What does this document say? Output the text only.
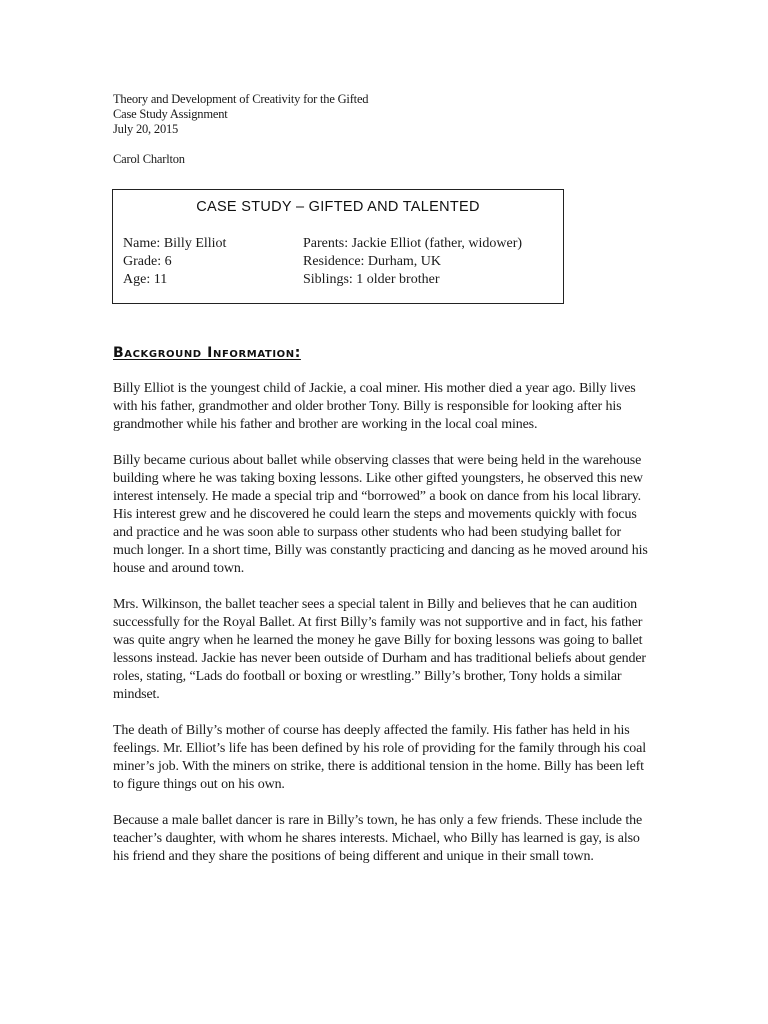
Theory and Development of Creativity for the Gifted
Case Study Assignment
July 20, 2015
Carol Charlton
CASE STUDY – GIFTED AND TALENTED
Name: Billy Elliot
Grade: 6
Age: 11
Parents: Jackie Elliot (father, widower)
Residence: Durham, UK
Siblings: 1 older brother
Background Information:

Billy Elliot is the youngest child of Jackie, a coal miner. His mother died a year ago. Billy lives with his father, grandmother and older brother Tony. Billy is responsible for looking after his grandmother while his father and brother are working in the local coal mines.

Billy became curious about ballet while observing classes that were being held in the warehouse building where he was taking boxing lessons. Like other gifted youngsters, he observed this new interest intensely. He made a special trip and “borrowed” a book on dance from his local library. His interest grew and he discovered he could learn the steps and movements quickly with focus and practice and he was soon able to surpass other students who had been studying ballet for much longer. In a short time, Billy was constantly practicing and dancing as he moved around his house and around town.

Mrs. Wilkinson, the ballet teacher sees a special talent in Billy and believes that he can audition successfully for the Royal Ballet. At first Billy’s family was not supportive and in fact, his father was quite angry when he learned the money he gave Billy for boxing lessons was going to ballet lessons instead. Jackie has never been outside of Durham and has traditional beliefs about gender roles, stating, “Lads do football or boxing or wrestling.” Billy’s brother, Tony holds a similar mindset.

The death of Billy’s mother of course has deeply affected the family. His father has held in his feelings. Mr. Elliot’s life has been defined by his role of providing for the family through his coal miner’s job. With the miners on strike, there is additional tension in the home. Billy has been left to figure things out on his own.

Because a male ballet dancer is rare in Billy’s town, he has only a few friends. These include the teacher’s daughter, with whom he shares interests. Michael, who Billy has learned is gay, is also his friend and they share the positions of being different and unique in their small town.
